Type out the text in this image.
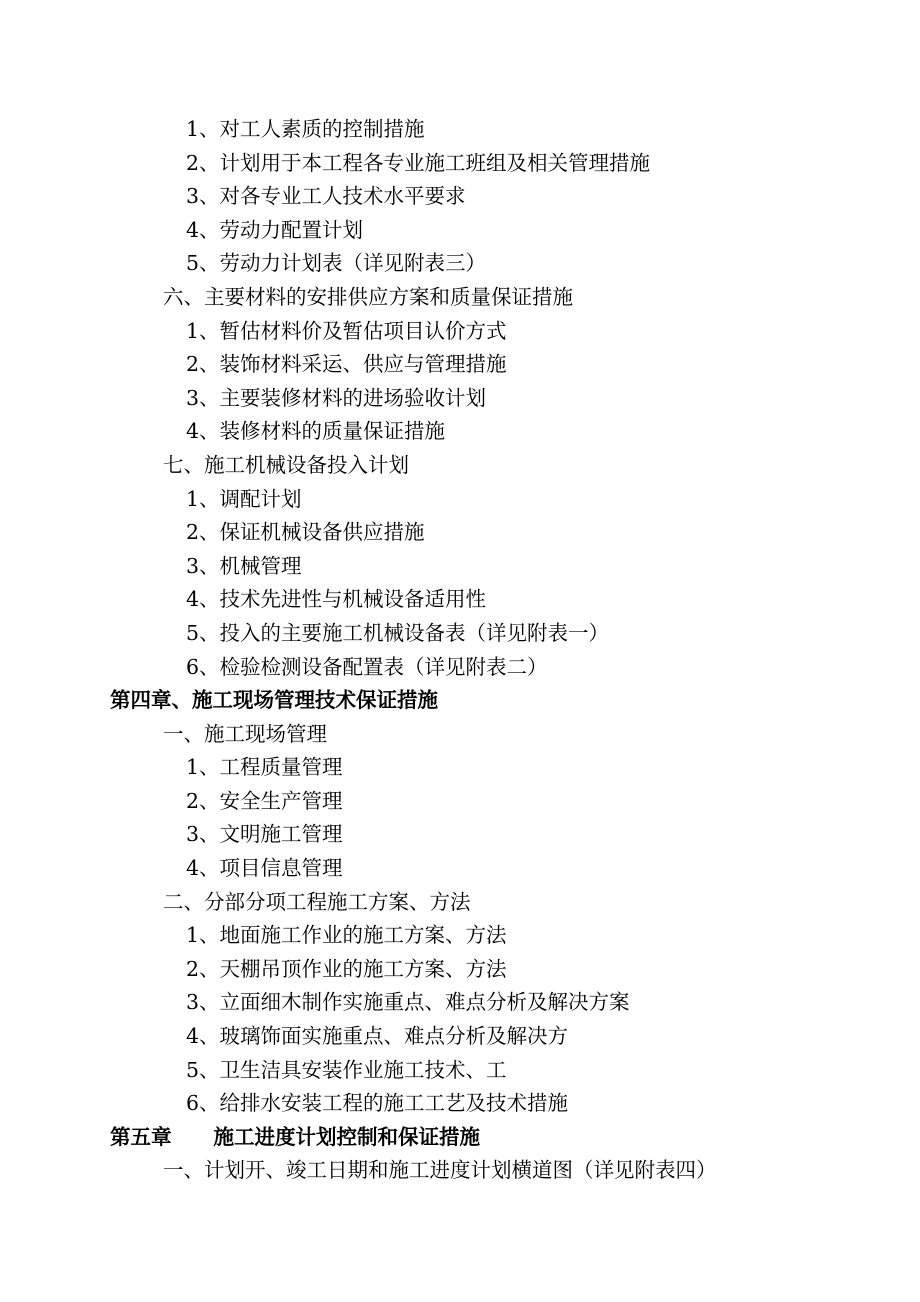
1、对工人素质的控制措施
2、计划用于本工程各专业施工班组及相关管理措施
3、对各专业工人技术水平要求
4、劳动力配置计划
5、劳动力计划表（详见附表三）
六、主要材料的安排供应方案和质量保证措施
1、暂估材料价及暂估项目认价方式
2、装饰材料采运、供应与管理措施
3、主要装修材料的进场验收计划
4、装修材料的质量保证措施
七、施工机械设备投入计划
1、调配计划
2、保证机械设备供应措施
3、机械管理
4、技术先进性与机械设备适用性
5、投入的主要施工机械设备表（详见附表一）
6、检验检测设备配置表（详见附表二）
第四章、施工现场管理技术保证措施
一、施工现场管理
1、工程质量管理
2、安全生产管理
3、文明施工管理
4、项目信息管理
二、分部分项工程施工方案、方法
1、地面施工作业的施工方案、方法
2、天棚吊顶作业的施工方案、方法
3、立面细木制作实施重点、难点分析及解决方案
4、玻璃饰面实施重点、难点分析及解决方
5、卫生洁具安装作业施工技术、工
6、给排水安装工程的施工工艺及技术措施
第五章 施工进度计划控制和保证措施
一、计划开、竣工日期和施工进度计划横道图（详见附表四）
